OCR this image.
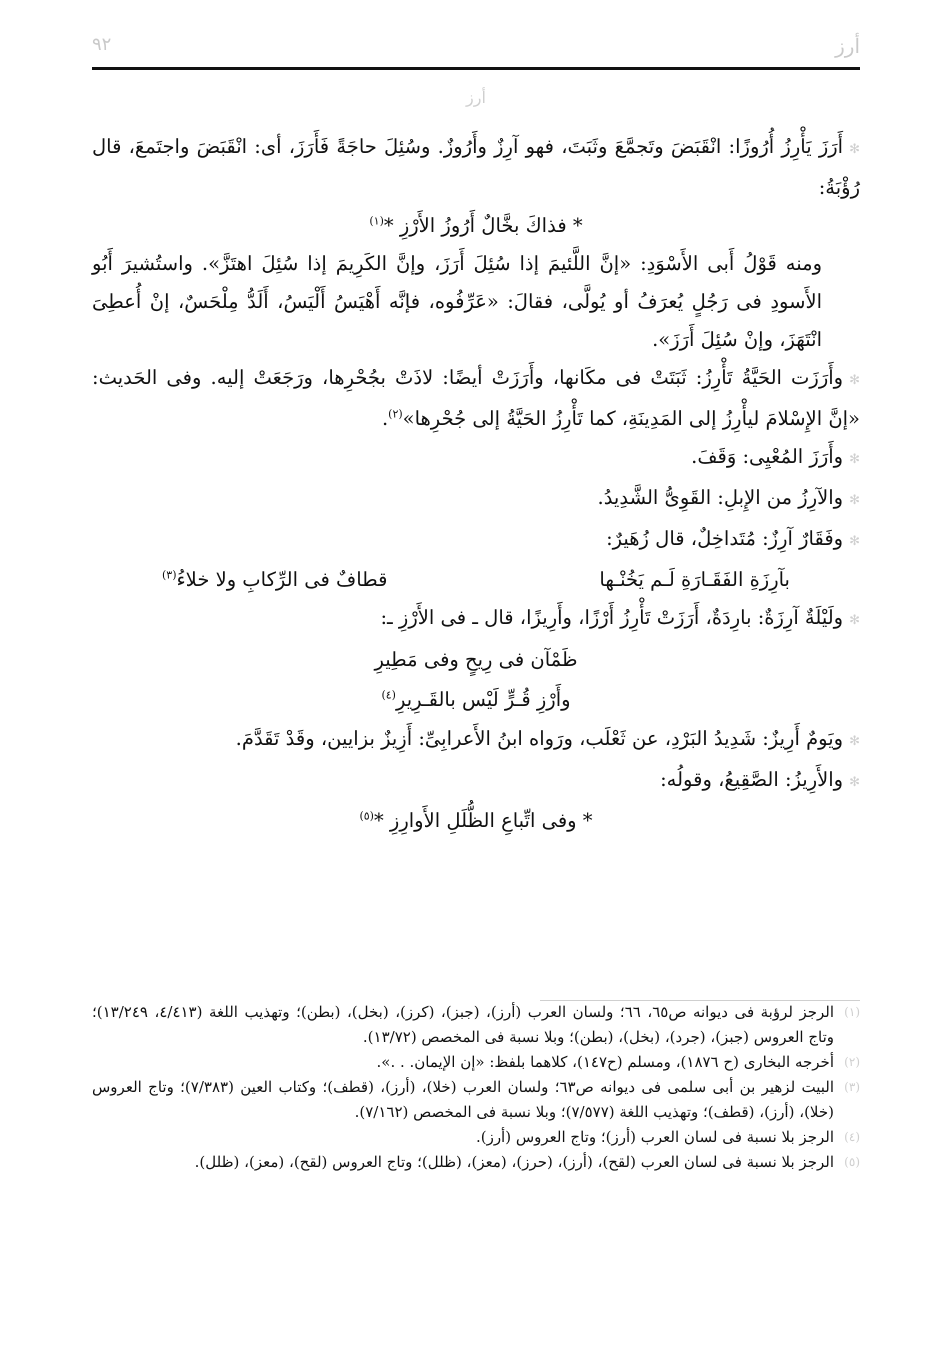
أرز
٩٢
أرز

✻أَرَزَ يَأْرِزُ أُرُوزًا: انْقَبَضَ وتَجمَّعَ وثَبَتَ، فهو آرِزٌ وأَرُوزٌ. وسُئِلَ حاجَةً فَأَرَزَ، أى: انْقَبَضَ واجتَمعَ، قال رُؤْبَةُ:

* فذاكَ بخَّالٌ أَرُوزُ الأَرْزِ *$^{(١)}$

ومنه قَوْلُ أَبى الأَسْوَدِ: «إنَّ اللَّئيمَ إذا سُئِلَ أَرَزَ، وإنَّ الكَرِيمَ إذا سُئِلَ اهتَزَّ». واستُشيرَ أَبُو الأَسودِ فى رَجُلٍ يُعرَفُ أو يُولَّى، فقالَ: «عَرِّفُوه، فإنَّه أَهْيَسُ أَلْيَسُ، أَلَدُّ مِلْحَسٌ، إنْ أُعطِىَ انْتَهَزَ، وإنْ سُئِلَ أَرَزَ».

✻وأَرَزَت الحَيَّةُ تَأْرِزُ: ثَبَتَتْ فى مكَانها، وأَرَزَتْ أيضًا: لاذَتْ بجُحْرِها، ورَجَعَتْ إليه. وفى الحَديث: «إنَّ الإِسْلامَ ليأْرِزُ إلى المَدِينَةِ، كما تَأْرِزُ الحَيَّةُ إلى جُحْرِها»$^{(٢)}$.

✻وأَرَزَ المُعْيِى: وَقَفَ.

✻والآرِزُ من الإِبلِ: القَوِىُّ الشَّدِيدُ.

✻وفَقَارٌ آرِزٌ: مُتَداخِلٌ، قال زُهَيرٌ:

بآرِزَةِ الفَقَـارَةِ لَـم يَخُنْـها
قطافٌ فى الرِّكابِ ولا خلاءُ$^{(٣)}$

✻ولَيْلَةٌ آرِزَةٌ: بارِدَةٌ، أَرَزَتْ تَأْرِزُ أَرْزًا، وأَرِيزًا، قال ـ فى الأَرْزِ ـ:

ظَمْآن فى رِيحٍ وفى مَطِيرِ
وأَرْزِ قُـرٍّ لَيْس بالقَـرِيرِ$^{(٤)}$

✻ويَومٌ أَرِيزٌ: شَدِيدُ البَرْدِ، عن ثَعْلَب، ورَواه ابنُ الأَعرابِىِّ: أَزِيزٌ بزايين، وقَدْ تَقَدَّمَ.

✻والأَرِيزُ: الصَّقِيعُ، وقولُه:

* وفى اتِّباعِ الظُّلَلِ الأَوارِزِ *$^{(٥)}$

(١)
الرجز لرؤبة فى ديوانه ص٦٥، ٦٦؛ ولسان العرب (أرز)، (جبز)، (كرز)، (بخل)، (بطن)؛ وتهذيب اللغة (٤/٤١٣، ١٣/٢٤٩)؛ وتاج العروس (جبز)، (جرد)، (بخل)، (بطن)؛ وبلا نسبة فى المخصص (١٣/٧٢).

(٢)
أخرجه البخارى (ح ١٨٧٦)، ومسلم (ح١٤٧)، كلاهما بلفظ: «إن الإيمان. . .».

(٣)
البيت لزهير بن أبى سلمى فى ديوانه ص٦٣؛ ولسان العرب (خلا)، (أرز)، (قطف)؛ وكتاب العين (٧/٣٨٣)؛ وتاج العروس (خلا)، (أرز)، (قطف)؛ وتهذيب اللغة (٧/٥٧٧)؛ وبلا نسبة فى المخصص (٧/١٦٢).

(٤)
الرجز بلا نسبة فى لسان العرب (أرز)؛ وتاج العروس (أرز).

(٥)
الرجز بلا نسبة فى لسان العرب (لقح)، (أرز)، (حرز)، (معز)، (ظلل)؛ وتاج العروس (لقح)، (معز)، (ظلل).
